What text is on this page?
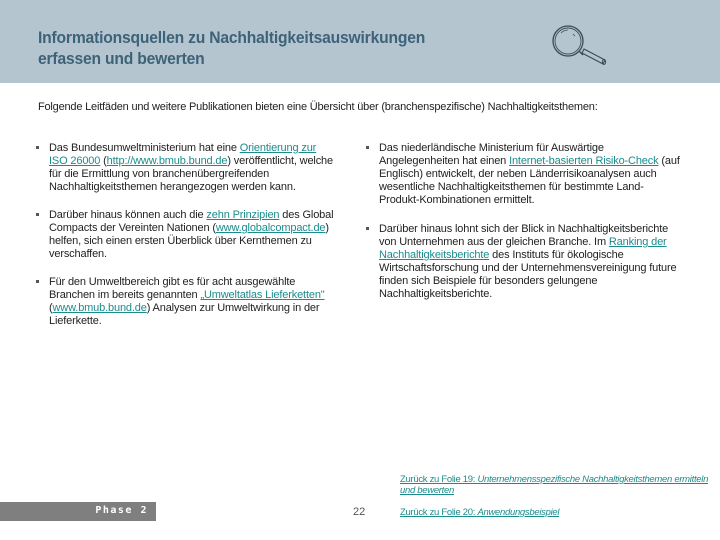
Informationsquellen zu Nachhaltigkeitsauswirkungen
erfassen und bewerten
Folgende Leitfäden und weitere Publikationen bieten eine Übersicht über (branchenspezifische) Nachhaltigkeitsthemen:
Das Bundesumweltministerium hat eine Orientierung zur ISO 26000 (http://www.bmub.bund.de) veröffentlicht, welche für die Ermittlung von branchenübergreifenden Nachhaltigkeitsthemen herangezogen werden kann.
Darüber hinaus können auch die zehn Prinzipien des Global Compacts der Vereinten Nationen (www.globalcompact.de) helfen, sich einen ersten Überblick über Kernthemen zu verschaffen.
Für den Umweltbereich gibt es für acht ausgewählte Branchen im bereits genannten „Umweltatlas Lieferketten" (www.bmub.bund.de) Analysen zur Umweltwirkung in der Lieferkette.
Das niederländische Ministerium für Auswärtige Angelegenheiten hat einen Internet-basierten Risiko-Check (auf Englisch) entwickelt, der neben Länderrisikoanalysen auch wesentliche Nachhaltigkeitsthemen für bestimmte Land-Produkt-Kombinationen ermittelt.
Darüber hinaus lohnt sich der Blick in Nachhaltigkeitsberichte von Unternehmen aus der gleichen Branche. Im Ranking der Nachhaltigkeitsberichte des Instituts für ökologische Wirtschaftsforschung und der Unternehmensvereinigung future finden sich Beispiele für besonders gelungene Nachhaltigkeitsberichte.
Zurück zu Folie 19: Unternehmensspezifische Nachhaltigkeitsthemen ermitteln und bewerten
Zurück zu Folie 20: Anwendungsbeispiel
Phase 2	22
